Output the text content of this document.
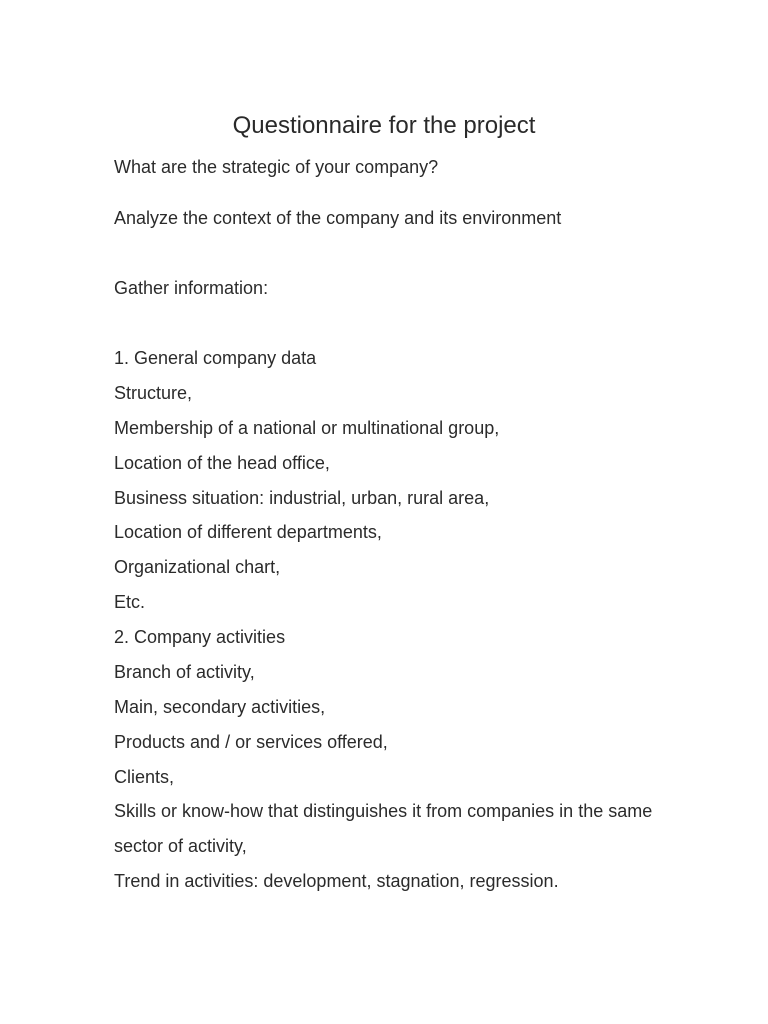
Questionnaire for the project
What are the strategic of your company?
Analyze the context of the company and its environment
Gather information:
1. General company data
Structure,
Membership of a national or multinational group,
Location of the head office,
Business situation: industrial, urban, rural area,
Location of different departments,
Organizational chart,
Etc.
2. Company activities
Branch of activity,
Main, secondary activities,
Products and / or services offered,
Clients,
Skills or know-how that distinguishes it from companies in the same
sector of activity,
Trend in activities: development, stagnation, regression.
